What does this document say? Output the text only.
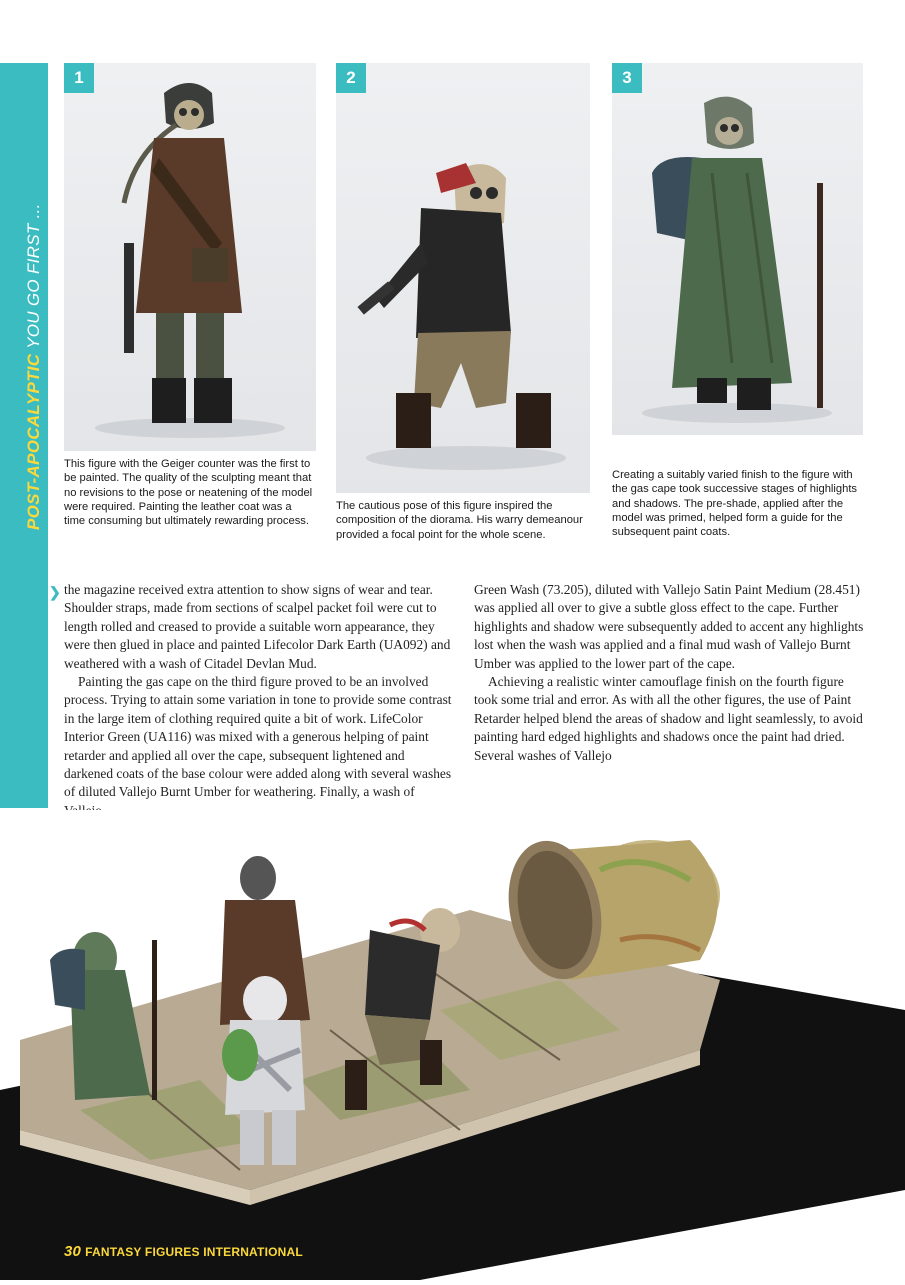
POST-APOCALYPTIC YOU GO FIRST ...
1
This figure with the Geiger counter was the first to be painted. The quality of the sculpting meant that no revisions to the pose or neatening of the model were required. Painting the leather coat was a time consuming but ultimately rewarding process.
2
The cautious pose of this figure inspired the composition of the diorama. His warry demeanour provided a focal point for the whole scene.
3
Creating a suitably varied finish to the figure with the gas cape took successive stages of highlights and shadows. The pre-shade, applied after the model was primed, helped form a guide for the subsequent paint coats.
❯ the magazine received extra attention to show signs of wear and tear. Shoulder straps, made from sections of scalpel packet foil were cut to length rolled and creased to provide a suitable worn appearance, they were then glued in place and painted Lifecolor Dark Earth (UA092) and weathered with a wash of Citadel Devlan Mud.

Painting the gas cape on the third figure proved to be an involved process. Trying to attain some variation in tone to provide some contrast in the large item of clothing required quite a bit of work. LifeColor Interior Green (UA116) was mixed with a generous helping of paint retarder and applied all over the cape, subsequent lightened and darkened coats of the base colour were added along with several washes of diluted Vallejo Burnt Umber for weathering. Finally, a wash of

Green Wash (73.205), diluted with Vallejo Satin Paint Medium (28.451) was applied all over to give a subtle gloss effect to the cape. Further highlights and shadow were subsequently added to accent any highlights lost when the wash was applied and a final mud wash of Vallejo Burnt Umber was applied to the lower part of the cape.

Achieving a realistic winter camouflage finish on the fourth figure took some trial and error. As with all the other figures, the use of Paint Retarder helped blend the areas of shadow and light seamlessly, to avoid painting hard edged highlights and shadows once the paint had dried. Several washes of Vallejo

30 FANTASY FIGURES INTERNATIONAL
